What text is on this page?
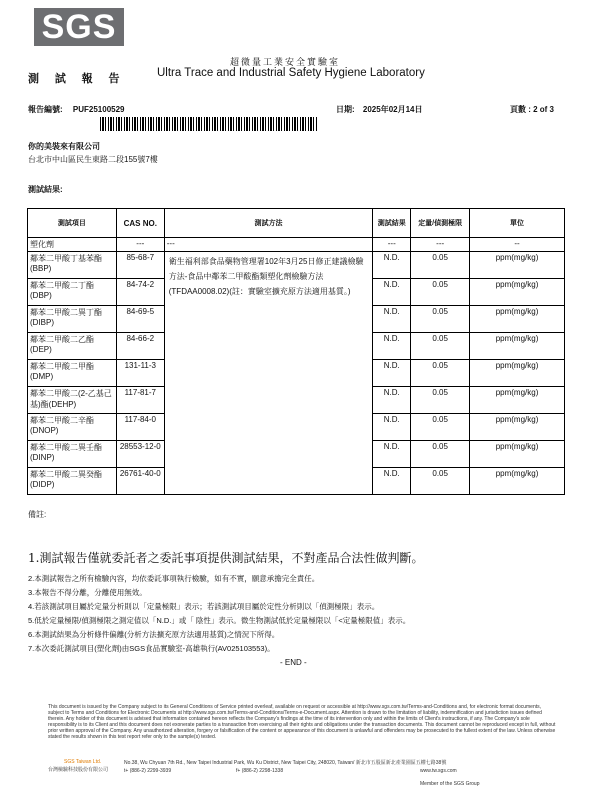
SGS
超微量工業安全實驗室
測 試 報 告	Ultra Trace and Industrial Safety Hygiene Laboratory
報告編號: PUF25100529	日期: 2025年02月14日	頁數 : 2 of 3
你的美裝來有限公司
台北市中山區民生東路二段155號7樓
測試結果:
測試項目	CAS NO.	測試方法	測試結果	定量/偵測極限	單位
塑化劑	---	---	---	---	--
鄰苯二甲酸丁基苯酯(BBP)	85-68-7	衛生福利部食品藥物管理署102年3月25日修正建議檢驗方法-食品中鄰苯二甲酸酯類塑化劑檢驗方法(TFDAA0008.02)(註：實驗室擴充原方法適用基質。)	N.D.	0.05	ppm(mg/kg)
鄰苯二甲酸二丁酯(DBP)	84-74-2		N.D.	0.05	ppm(mg/kg)
鄰苯二甲酸二異丁酯(DIBP)	84-69-5		N.D.	0.05	ppm(mg/kg)
鄰苯二甲酸二乙酯(DEP)	84-66-2		N.D.	0.05	ppm(mg/kg)
鄰苯二甲酸二甲酯(DMP)	131-11-3		N.D.	0.05	ppm(mg/kg)
鄰苯二甲酸二(2-乙基己基)酯(DEHP)	117-81-7		N.D.	0.05	ppm(mg/kg)
鄰苯二甲酸二辛酯(DNOP)	117-84-0		N.D.	0.05	ppm(mg/kg)
鄰苯二甲酸二異壬酯(DINP)	28553-12-0		N.D.	0.05	ppm(mg/kg)
鄰苯二甲酸二異癸酯(DIDP)	26761-40-0		N.D.	0.05	ppm(mg/kg)
備註:
1.測試報告僅就委託者之委託事項提供測試結果，不對產品合法性做判斷。
2.本測試報告之所有檢驗內容，均依委託事項執行檢驗，如有不實，願意承擔完全責任。
3.本報告不得分離，分離使用無效。
4.若該測試項目屬於定量分析則以「定量極限」表示；若該測試項目屬於定性分析則以「偵測極限」表示。
5.低於定量極限/偵測極限之測定值以「N.D.」或「 陰性」表示。微生物測試低於定量極限以「<定量極限值」表示。
6.本測試結果為分析條件偏離(分析方法擴充原方法適用基質)之情況下所得。
7.本次委託測試項目(塑化劑)由SGS食品實驗室-高雄執行(AV025103553)。
- END -
This document is issued by the Company subject to its General Conditions of Service printed overleaf, available on request or accessible at http://www.sgs.com.tw/Terms-and-Conditions and, for electronic format documents, subject to Terms and Conditions for Electronic Documents at http://www.sgs.com.tw/Terms-and-Conditions/Terms-e-Document.aspx. Attention is drawn to the limitation of liability, indemnification and jurisdiction issues defined therein. Any holder of this document is advised that information contained hereon reflects the Company's findings at the time of its intervention only and within the limits of Client's instructions, if any. The Company's sole responsibility is to its Client and this document does not exonerate parties to a transaction from exercising all their rights and obligations under the transaction documents. This document cannot be reproduced except in full, without prior written approval of the Company. Any unauthorized alteration, forgery or falsification of the content or appearance of this document is unlawful and offenders may be prosecuted to the fullest extent of the law. Unless otherwise stated the results shown in this test report refer only to the sample(s) tested.
SGS Taiwan Ltd.
台灣檢驗科技股份有限公司
No.38, Wu Chyuan 7th Rd., New Taipei Industrial Park, Wu Ku District, New Taipei City, 248020, Taiwan/ 新北市五股區新北產業園區五權七路38號
t+ (886-2) 2299-3939	f+ (886-2) 2298-1338	www.tw.sgs.com
Member of the SGS Group
